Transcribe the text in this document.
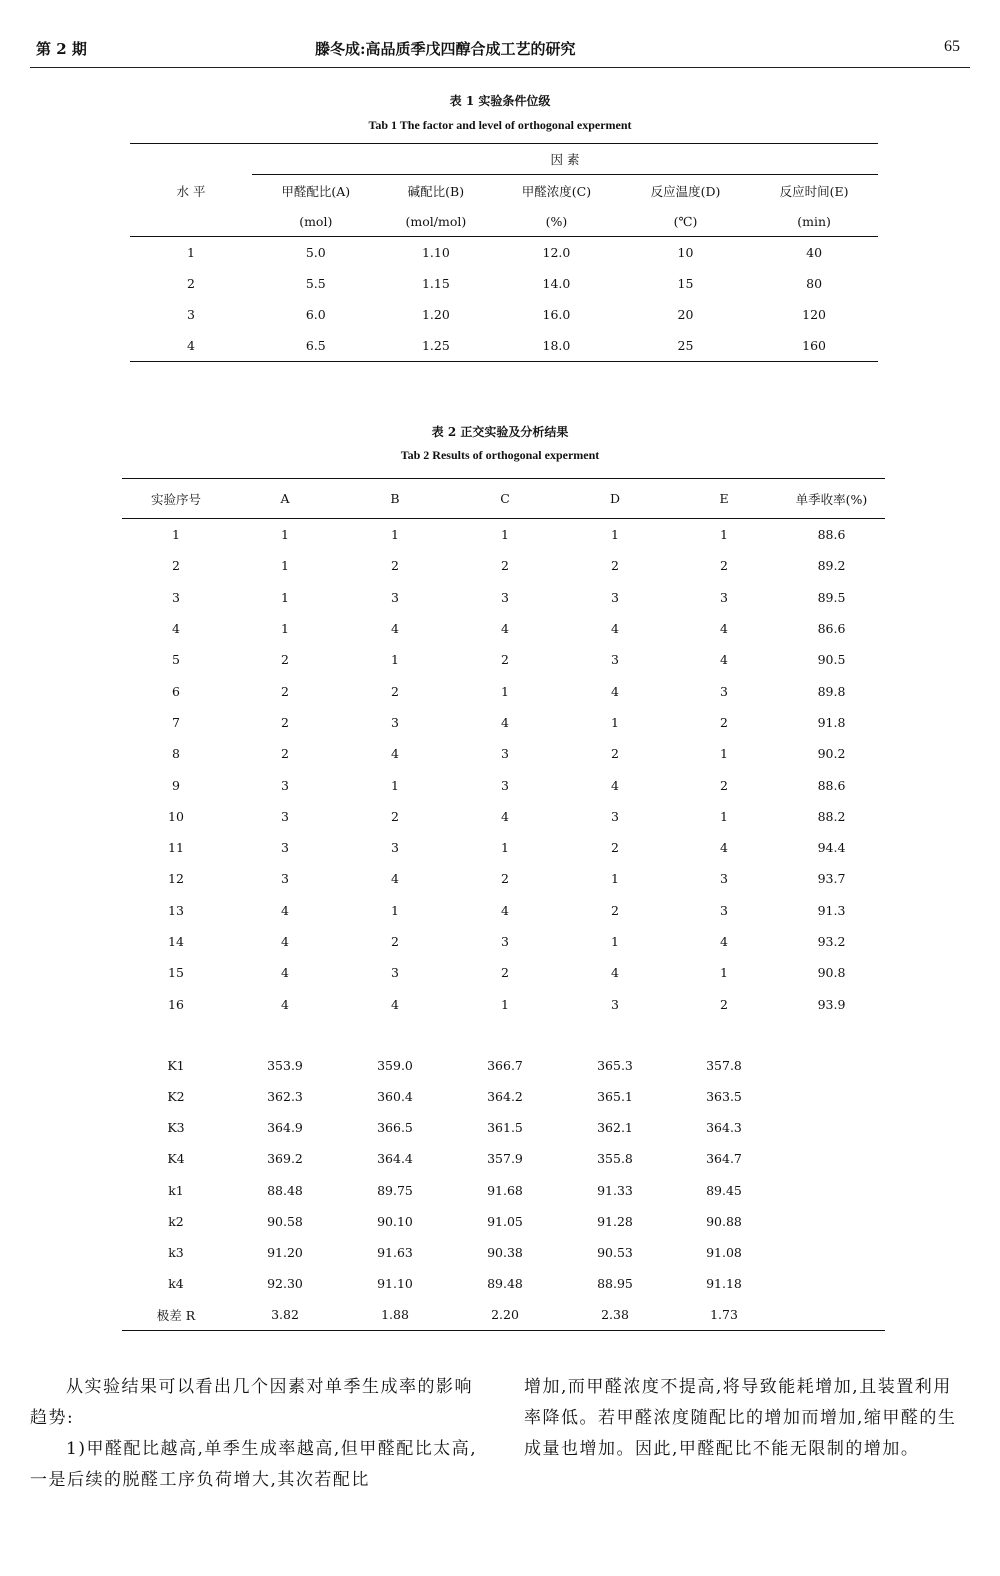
第 2 期	滕冬成:高品质季戊四醇合成工艺的研究	65
表 1 实验条件位级
Tab 1 The factor and level of orthogonal experment
水 平	因 素				
	甲醛配比(A)	碱配比(B)	甲醛浓度(C)	反应温度(D)	反应时间(E)
	(mol)	(mol/mol)	(%)	(℃)	(min)
1	5.0	1.10	12.0	10	40
2	5.5	1.15	14.0	15	80
3	6.0	1.20	16.0	20	120
4	6.5	1.25	18.0	25	160
表 2 正交实验及分析结果
Tab 2 Results of orthogonal experment
实验序号	A	B	C	D	E	单季收率(%)
1	1	1	1	1	1	88.6
2	1	2	2	2	2	89.2
3	1	3	3	3	3	89.5
4	1	4	4	4	4	86.6
5	2	1	2	3	4	90.5
6	2	2	1	4	3	89.8
7	2	3	4	1	2	91.8
8	2	4	3	2	1	90.2
9	3	1	3	4	2	88.6
10	3	2	4	3	1	88.2
11	3	3	1	2	4	94.4
12	3	4	2	1	3	93.7
13	4	1	4	2	3	91.3
14	4	2	3	1	4	93.2
15	4	3	2	4	1	90.8
16	4	4	1	3	2	93.9

K1	353.9	359.0	366.7	365.3	357.8	
K2	362.3	360.4	364.2	365.1	363.5	
K3	364.9	366.5	361.5	362.1	364.3	
K4	369.2	364.4	357.9	355.8	364.7	
k1	88.48	89.75	91.68	91.33	89.45	
k2	90.58	90.10	91.05	91.28	90.88	
k3	91.20	91.63	90.38	90.53	91.08	
k4	92.30	91.10	89.48	88.95	91.18	
极差 R	3.82	1.88	2.20	2.38	1.73	

从实验结果可以看出几个因素对单季生成率的影响趋势:

1)甲醛配比越高,单季生成率越高,但甲醛配比太高,一是后续的脱醛工序负荷增大,其次若配比

增加,而甲醛浓度不提高,将导致能耗增加,且装置利用率降低。若甲醛浓度随配比的增加而增加,缩甲醛的生成量也增加。因此,甲醛配比不能无限制的增加。
